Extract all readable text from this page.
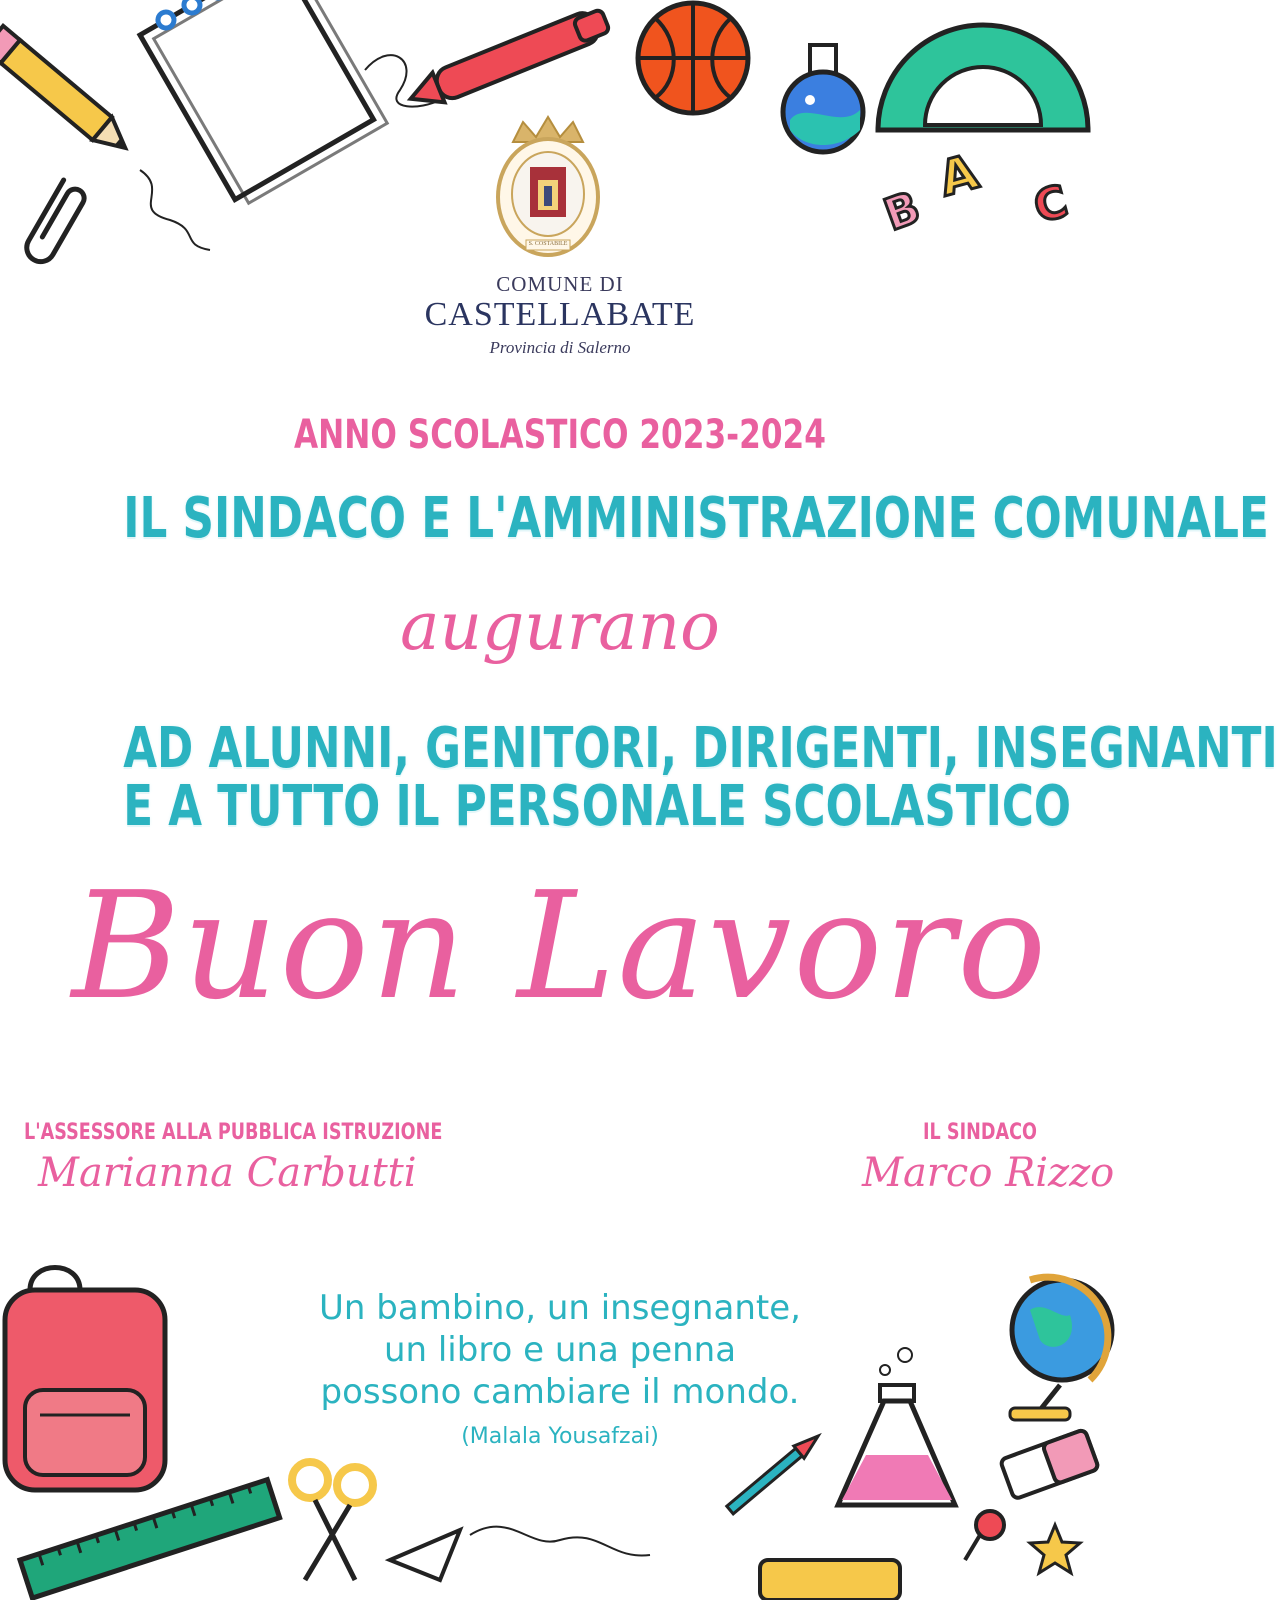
B
A C
S. COSTABILE
COMUNE DI
CASTELLABATE
Provincia di Salerno
ANNO SCOLASTICO 2023-2024
IL SINDACO E L'AMMINISTRAZIONE COMUNALE
augurano
AD ALUNNI, GENITORI, DIRIGENTI, INSEGNANTI
E A TUTTO IL PERSONALE SCOLASTICO
Buon Lavoro
L'ASSESSORE ALLA PUBBLICA ISTRUZIONE
Marianna Carbutti
IL SINDACO
Marco Rizzo
Un bambino, un insegnante,
un libro e una penna
possono cambiare il mondo.
(Malala Yousafzai)
